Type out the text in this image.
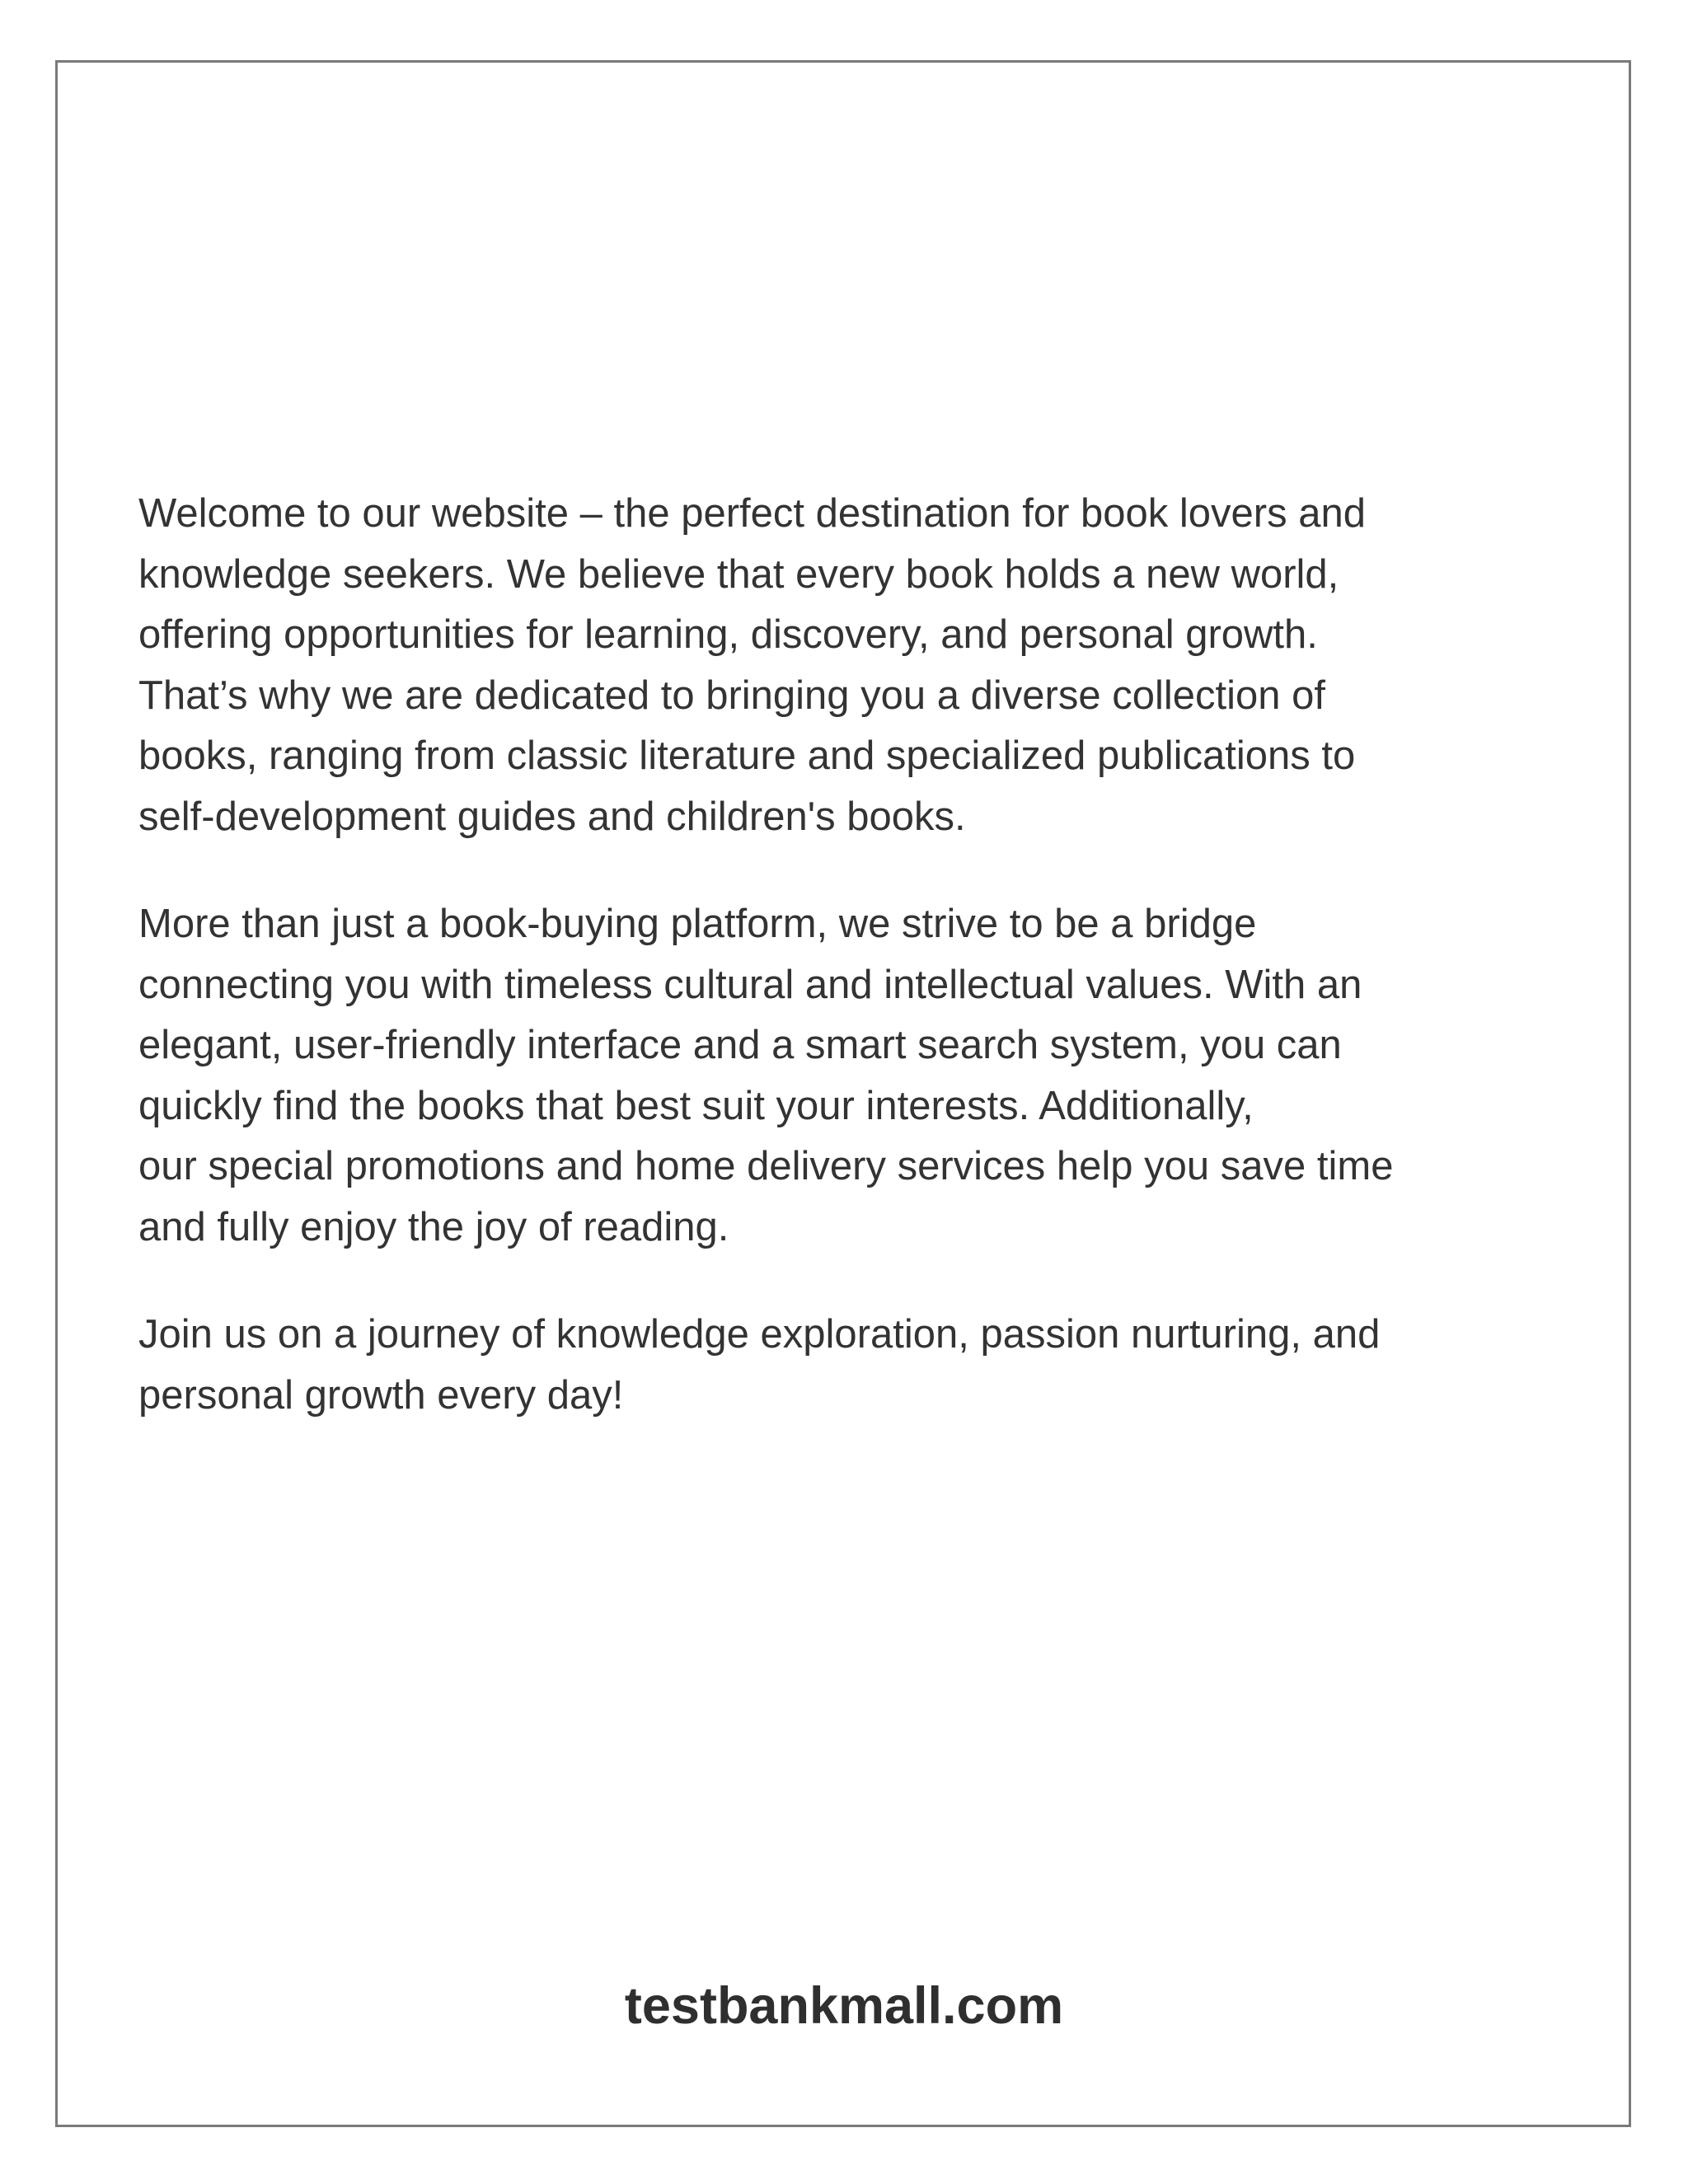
Welcome to our website – the perfect destination for book lovers and
knowledge seekers. We believe that every book holds a new world,
offering opportunities for learning, discovery, and personal growth.
That’s why we are dedicated to bringing you a diverse collection of
books, ranging from classic literature and specialized publications to
self-development guides and children's books.

More than just a book-buying platform, we strive to be a bridge
connecting you with timeless cultural and intellectual values. With an
elegant, user-friendly interface and a smart search system, you can
quickly find the books that best suit your interests. Additionally,
our special promotions and home delivery services help you save time
and fully enjoy the joy of reading.

Join us on a journey of knowledge exploration, passion nurturing, and
personal growth every day!

testbankmall.com
